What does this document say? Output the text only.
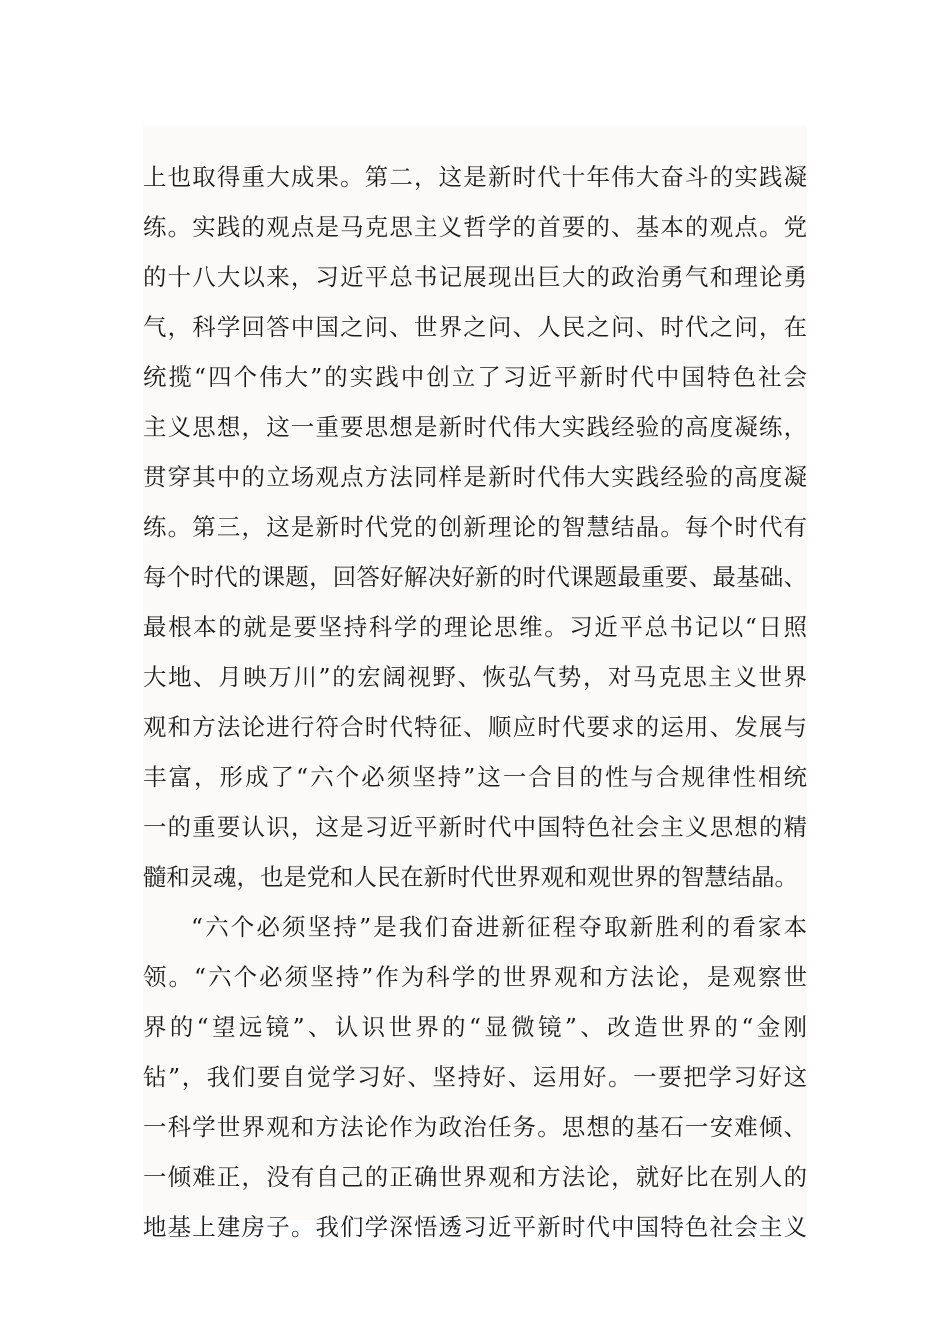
上也取得重大成果。第二，这是新时代十年伟大奋斗的实践凝
练。实践的观点是马克思主义哲学的首要的、基本的观点。党
的十八大以来，习近平总书记展现出巨大的政治勇气和理论勇
气，科学回答中国之问、世界之问、人民之问、时代之问，在
统揽“四个伟大”的实践中创立了习近平新时代中国特色社会
主义思想，这一重要思想是新时代伟大实践经验的高度凝练，
贯穿其中的立场观点方法同样是新时代伟大实践经验的高度凝
练。第三，这是新时代党的创新理论的智慧结晶。每个时代有
每个时代的课题，回答好解决好新的时代课题最重要、最基础、
最根本的就是要坚持科学的理论思维。习近平总书记以“日照
大地、月映万川”的宏阔视野、恢弘气势，对马克思主义世界
观和方法论进行符合时代特征、顺应时代要求的运用、发展与
丰富，形成了“六个必须坚持”这一合目的性与合规律性相统
一的重要认识，这是习近平新时代中国特色社会主义思想的精
髓和灵魂，也是党和人民在新时代世界观和观世界的智慧结晶。
“六个必须坚持”是我们奋进新征程夺取新胜利的看家本
领。“六个必须坚持”作为科学的世界观和方法论，是观察世
界的“望远镜”、认识世界的“显微镜”、改造世界的“金刚
钻”，我们要自觉学习好、坚持好、运用好。一要把学习好这
一科学世界观和方法论作为政治任务。思想的基石一安难倾、
一倾难正，没有自己的正确世界观和方法论，就好比在别人的
地基上建房子。我们学深悟透习近平新时代中国特色社会主义
